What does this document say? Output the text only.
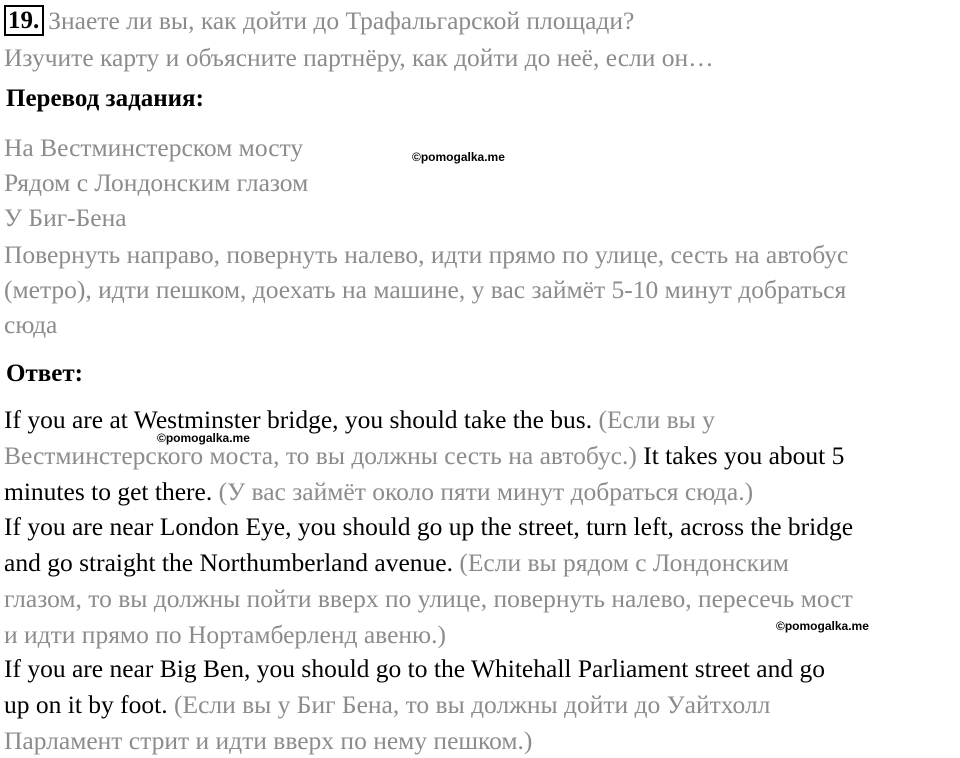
19. Знаете ли вы, как дойти до Трафальгарской площади?
Изучите карту и объясните партнёру, как дойти до неё, если он…
Перевод задания:
На Вестминстерском мосту
Рядом с Лондонским глазом
У Биг-Бена
Повернуть направо, повернуть налево, идти прямо по улице, сесть на автобус
(метро), идти пешком, доехать на машине, у вас займёт 5-10 минут добраться
сюда
Ответ:
If you are at Westminster bridge, you should take the bus. (Если вы у
Вестминстерского моста, то вы должны сесть на автобус.) It takes you about 5
minutes to get there. (У вас займёт около пяти минут добраться сюда.)
If you are near London Eye, you should go up the street, turn left, across the bridge
and go straight the Northumberland avenue. (Если вы рядом с Лондонским
глазом, то вы должны пойти вверх по улице, повернуть налево, пересечь мост
и идти прямо по Нортамберленд авеню.)
If you are near Big Ben, you should go to the Whitehall Parliament street and go
up on it by foot. (Если вы у Биг Бена, то вы должны дойти до Уайтхолл
Парламент стрит и идти вверх по нему пешком.)
©pomogalka.me
©pomogalka.me
©pomogalka.me
